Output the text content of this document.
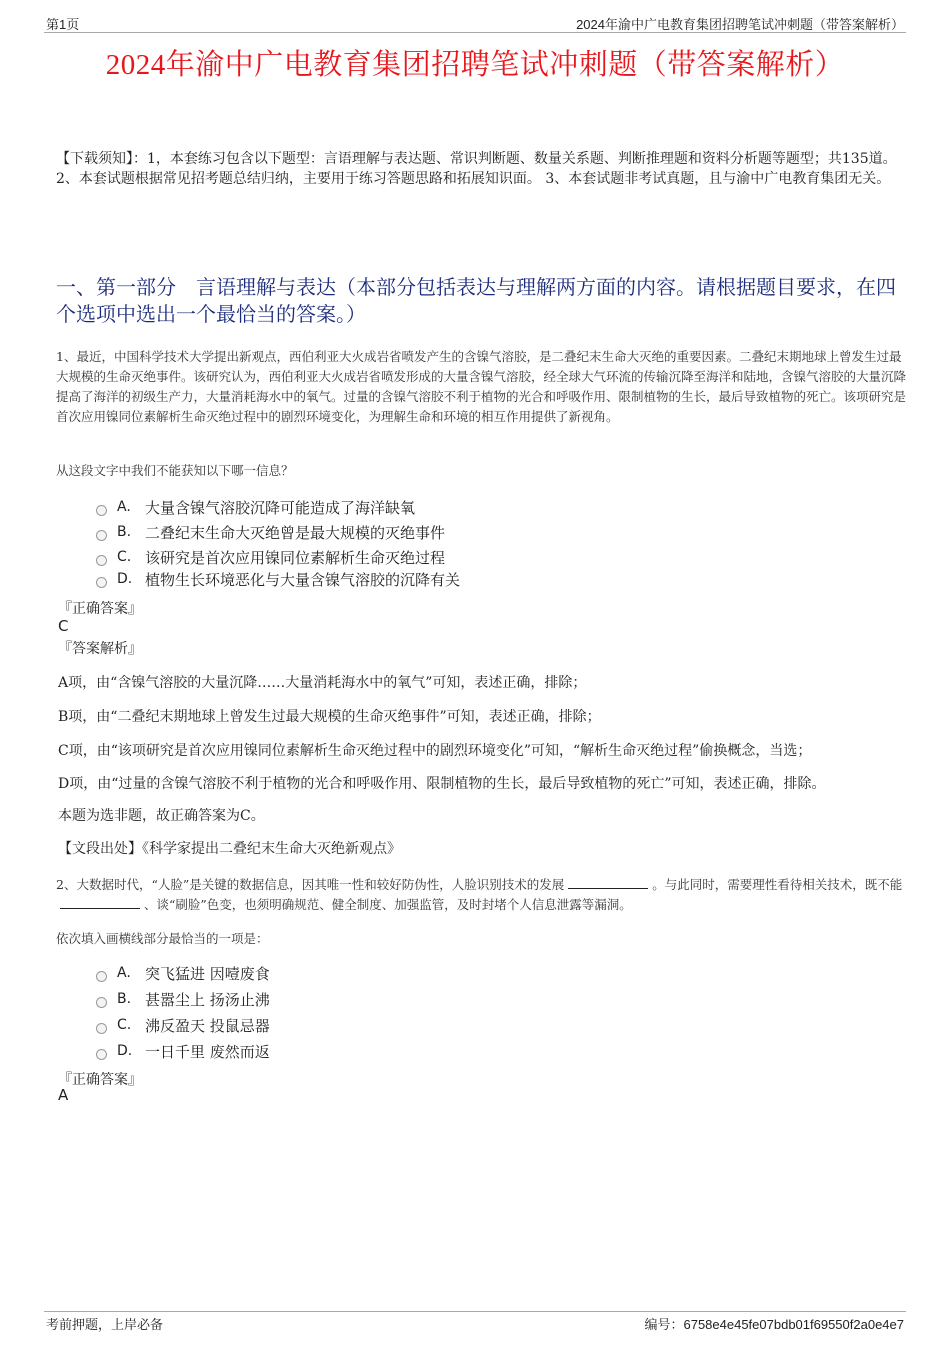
第1页	2024年渝中广电教育集团招聘笔试冲刺题（带答案解析）
2024年渝中广电教育集团招聘笔试冲刺题（带答案解析）
【下载须知】：1，本套练习包含以下题型：言语理解与表达题、常识判断题、数量关系题、判断推理题和资料分析题等题型；共135道。2、本套试题根据常见招考题总结归纳，主要用于练习答题思路和拓展知识面。 3、本套试题非考试真题，且与渝中广电教育集团无关。
一、第一部分　言语理解与表达（本部分包括表达与理解两方面的内容。请根据题目要求，在四个选项中选出一个最恰当的答案。）
1、最近，中国科学技术大学提出新观点，西伯利亚大火成岩省喷发产生的含镍气溶胶，是二叠纪末生命大灭绝的重要因素。二叠纪末期地球上曾发生过最大规模的生命灭绝事件。该研究认为，西伯利亚大火成岩省喷发形成的大量含镍气溶胶，经全球大气环流的传输沉降至海洋和陆地，含镍气溶胶的大量沉降提高了海洋的初级生产力，大量消耗海水中的氧气。过量的含镍气溶胶不利于植物的光合和呼吸作用、限制植物的生长，最后导致植物的死亡。该项研究是首次应用镍同位素解析生命灭绝过程中的剧烈环境变化，为理解生命和环境的相互作用提供了新视角。
从这段文字中我们不能获知以下哪一信息？
A. 大量含镍气溶胶沉降可能造成了海洋缺氧
B. 二叠纪末生命大灭绝曾是最大规模的灭绝事件
C. 该研究是首次应用镍同位素解析生命灭绝过程
D. 植物生长环境恶化与大量含镍气溶胶的沉降有关
『正确答案』
C
『答案解析』
A项，由“含镍气溶胶的大量沉降……大量消耗海水中的氧气”可知，表述正确，排除；
B项，由“二叠纪末期地球上曾发生过最大规模的生命灭绝事件”可知，表述正确，排除；
C项，由“该项研究是首次应用镍同位素解析生命灭绝过程中的剧烈环境变化”可知，“解析生命灭绝过程”偷换概念，当选；
D项，由“过量的含镍气溶胶不利于植物的光合和呼吸作用、限制植物的生长，最后导致植物的死亡”可知，表述正确，排除。
本题为选非题，故正确答案为C。
【文段出处】《科学家提出二叠纪末生命大灭绝新观点》
2、大数据时代，“人脸”是关键的数据信息，因其唯一性和较好防伪性，人脸识别技术的发展	。与此同时，需要理性看待相关技术，既不能、谈“刷脸”色变，也须明确规范、健全制度、加强监管，及时封堵个人信息泄露等漏洞。
依次填入画横线部分最恰当的一项是：
A. 突飞猛进 因噎废食
B. 甚嚣尘上 扬汤止沸
C. 沸反盈天 投鼠忌器
D. 一日千里 废然而返
『正确答案』
A
考前押题，上岸必备	编号：6758e4e45fe07bdb01f69550f2a0e4e7
